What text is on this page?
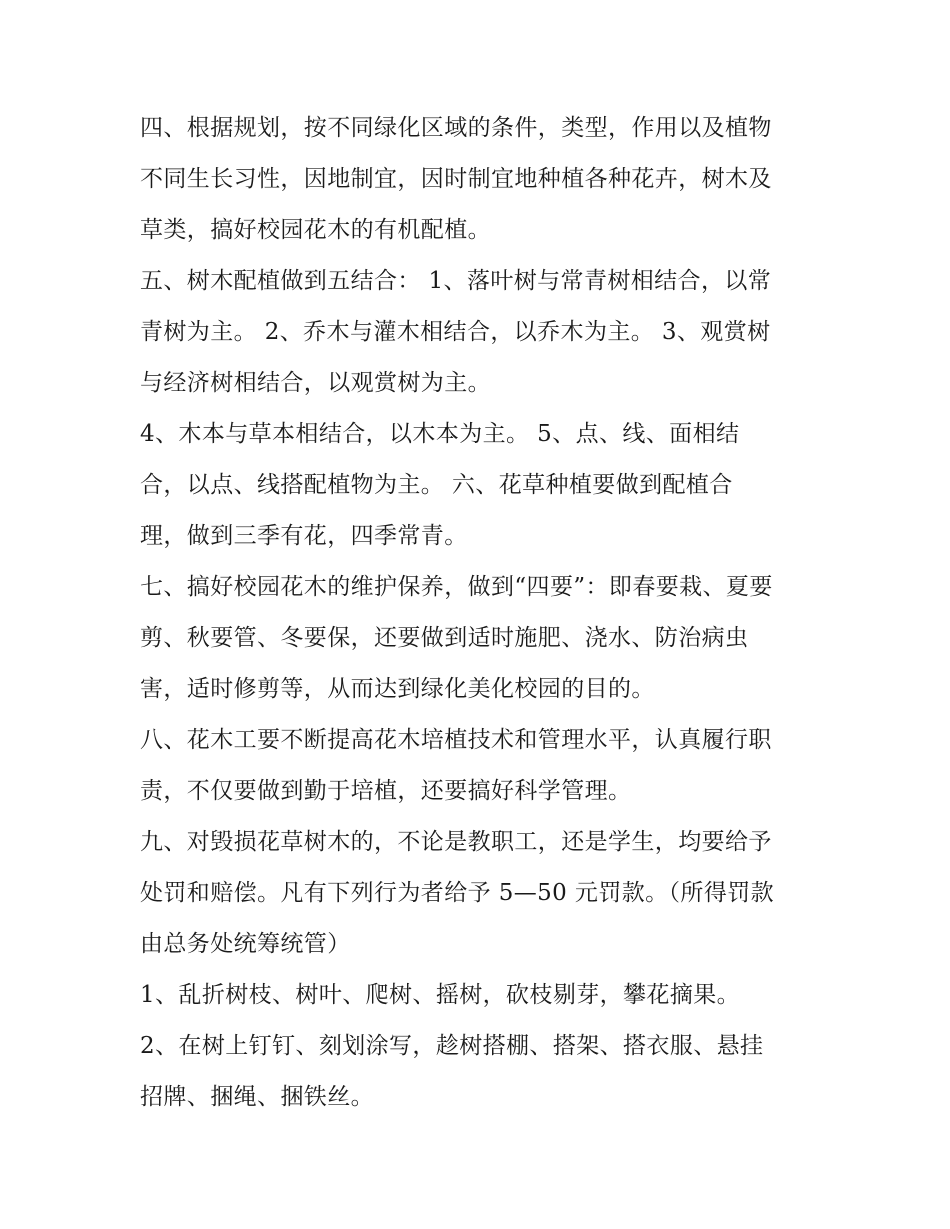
四、根据规划，按不同绿化区域的条件，类型，作用以及植物
不同生长习性，因地制宜，因时制宜地种植各种花卉，树木及
草类，搞好校园花木的有机配植。
五、树木配植做到五结合： 1、落叶树与常青树相结合，以常
青树为主。 2、乔木与灌木相结合，以乔木为主。 3、观赏树
与经济树相结合，以观赏树为主。
4、木本与草本相结合，以木本为主。 5、点、线、面相结
合，以点、线搭配植物为主。 六、花草种植要做到配植合
理，做到三季有花，四季常青。
七、搞好校园花木的维护保养，做到“四要”：即春要栽、夏要
剪、秋要管、冬要保，还要做到适时施肥、浇水、防治病虫
害，适时修剪等，从而达到绿化美化校园的目的。
八、花木工要不断提高花木培植技术和管理水平，认真履行职
责，不仅要做到勤于培植，还要搞好科学管理。
九、对毁损花草树木的，不论是教职工，还是学生，均要给予
处罚和赔偿。凡有下列行为者给予 5—50 元罚款。（所得罚款
由总务处统筹统管）
1、乱折树枝、树叶、爬树、摇树，砍枝剔芽，攀花摘果。
2、在树上钉钉、刻划涂写，趁树搭棚、搭架、搭衣服、悬挂
招牌、捆绳、捆铁丝。
